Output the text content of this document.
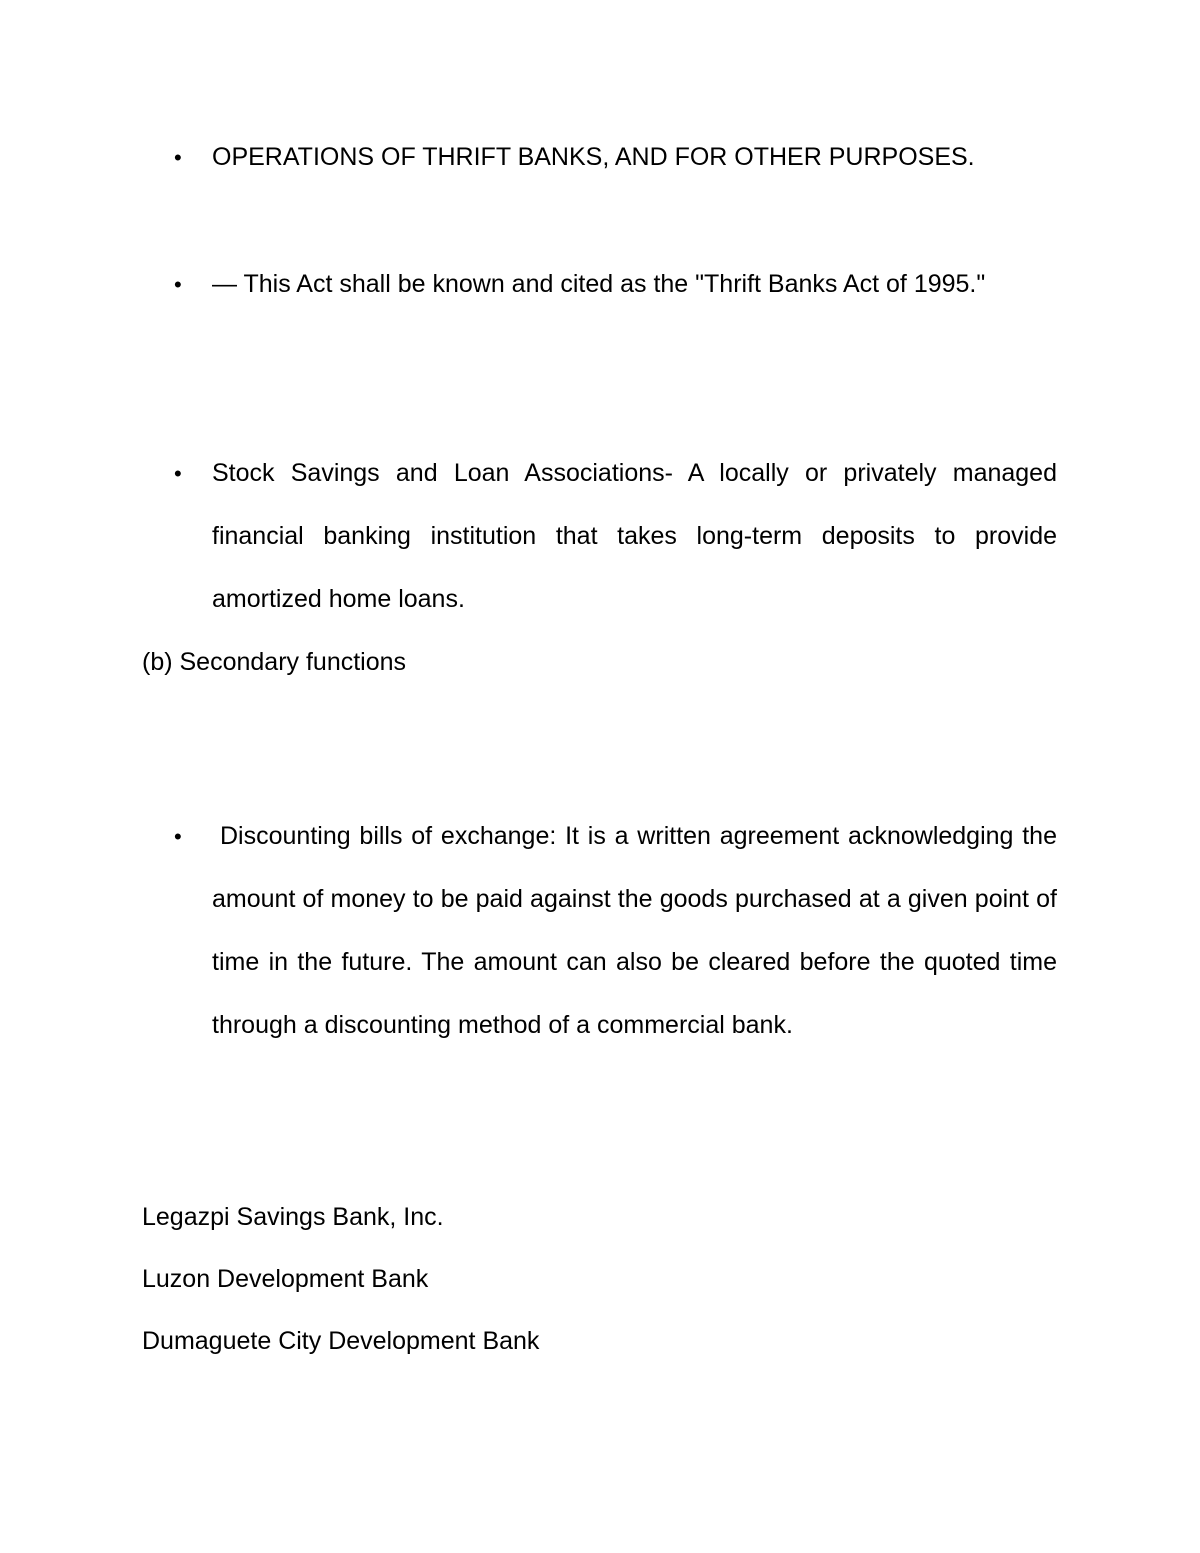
• OPERATIONS OF THRIFT BANKS, AND FOR OTHER PURPOSES.
• — This Act shall be known and cited as the "Thrift Banks Act of 1995."
• Stock Savings and Loan Associations- A locally or privately managed financial banking institution that takes long-term deposits to provide amortized home loans.
(b) Secondary functions
• Discounting bills of exchange: It is a written agreement acknowledging the amount of money to be paid against the goods purchased at a given point of time in the future. The amount can also be cleared before the quoted time through a discounting method of a commercial bank.
Legazpi Savings Bank, Inc.
Luzon Development Bank
Dumaguete City Development Bank
